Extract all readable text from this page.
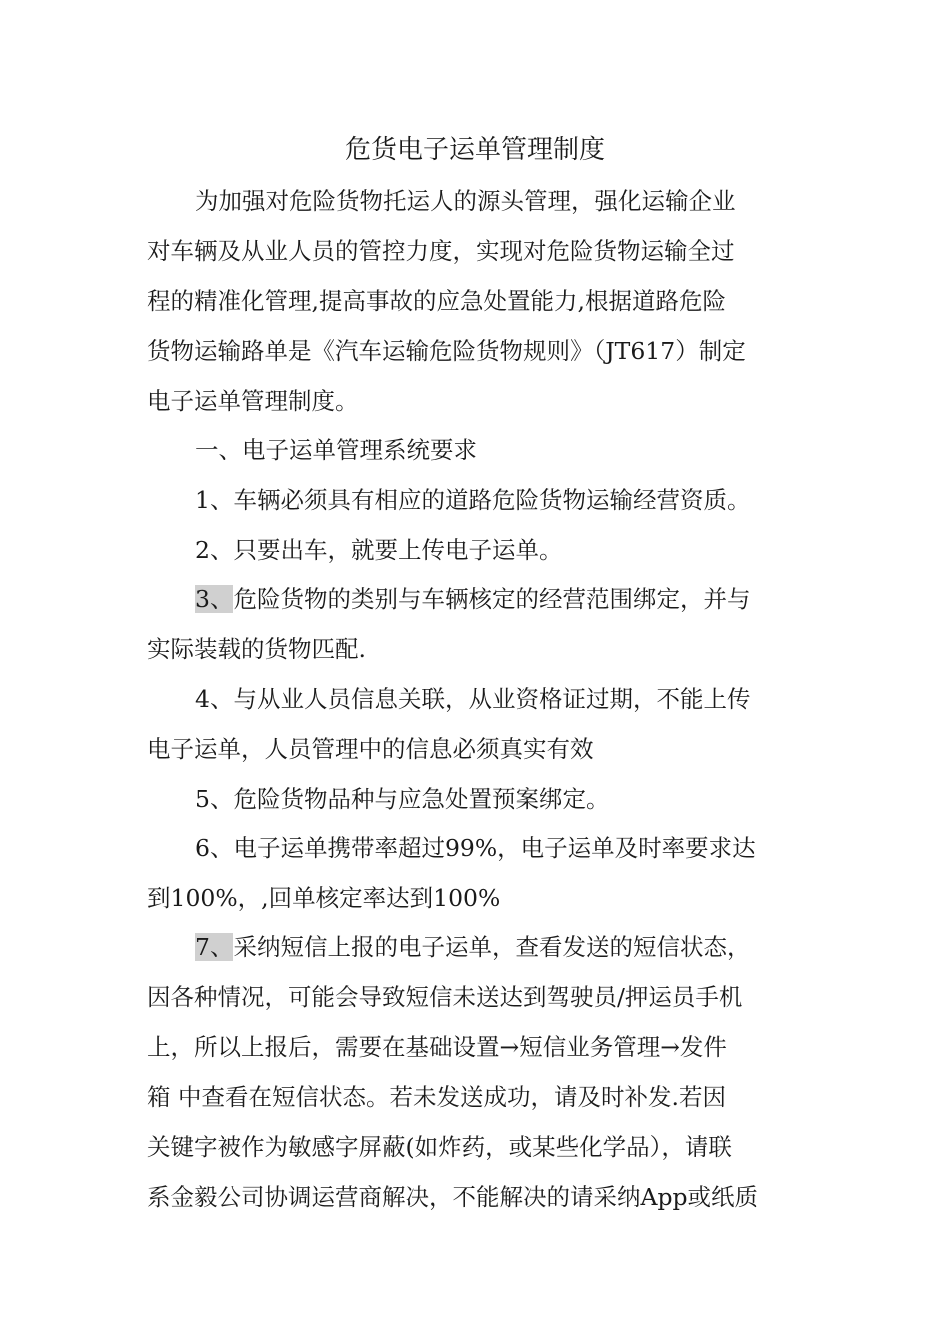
危货电子运单管理制度
为加强对危险货物托运人的源头管理，强化运输企业
对车辆及从业人员的管控力度，实现对危险货物运输全过
程的精准化管理,提高事故的应急处置能力,根据道路危险
货物运输路单是《汽车运输危险货物规则》（JT617）制定
电子运单管理制度。
一、电子运单管理系统要求
1、车辆必须具有相应的道路危险货物运输经营资质。
2、只要出车，就要上传电子运单。
3、危险货物的类别与车辆核定的经营范围绑定，并与
实际装载的货物匹配.
4、与从业人员信息关联，从业资格证过期，不能上传
电子运单，人员管理中的信息必须真实有效
5、危险货物品种与应急处置预案绑定。
6、电子运单携带率超过99%，电子运单及时率要求达
到100%，,回单核定率达到100%
7、采纳短信上报的电子运单，查看发送的短信状态，
因各种情况，可能会导致短信未送达到驾驶员/押运员手机
上，所以上报后，需要在基础设置→短信业务管理→发件
箱 中查看在短信状态。若未发送成功，请及时补发.若因
关键字被作为敏感字屏蔽(如炸药，或某些化学品），请联
系金毅公司协调运营商解决，不能解决的请采纳App或纸质
